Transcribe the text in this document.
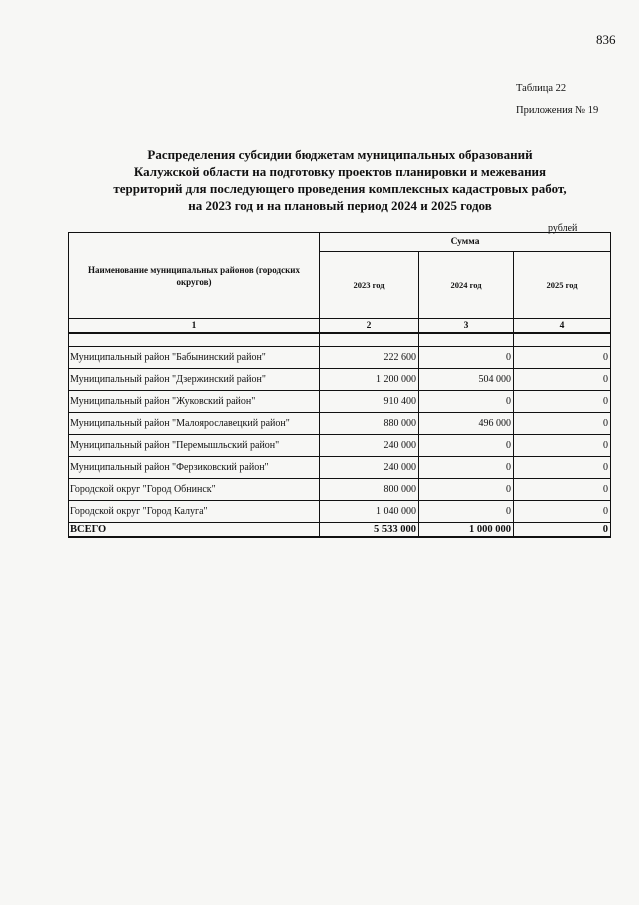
836
Таблица 22
Приложения № 19
Распределения субсидии бюджетам муниципальных образований
Калужской области на подготовку проектов планировки и межевания
территорий для последующего проведения комплексных кадастровых работ,
на 2023 год и на плановый период 2024 и 2025 годов
рублей
Наименование муниципальных районов (городских округов)	Сумма		
	2023 год	2024 год	2025 год
1	2	3	4

Муниципальный район "Бабынинский район"	222 600	0	0
Муниципальный район "Дзержинский район"	1 200 000	504 000	0
Муниципальный район "Жуковский район"	910 400	0	0
Муниципальный район "Малоярославецкий район"	880 000	496 000	0
Муниципальный район "Перемышльский район"	240 000	0	0
Муниципальный район "Ферзиковский район"	240 000	0	0
Городской округ "Город Обнинск"	800 000	0	0
Городской округ "Город Калуга"	1 040 000	0	0
ВСЕГО	5 533 000	1 000 000	0
